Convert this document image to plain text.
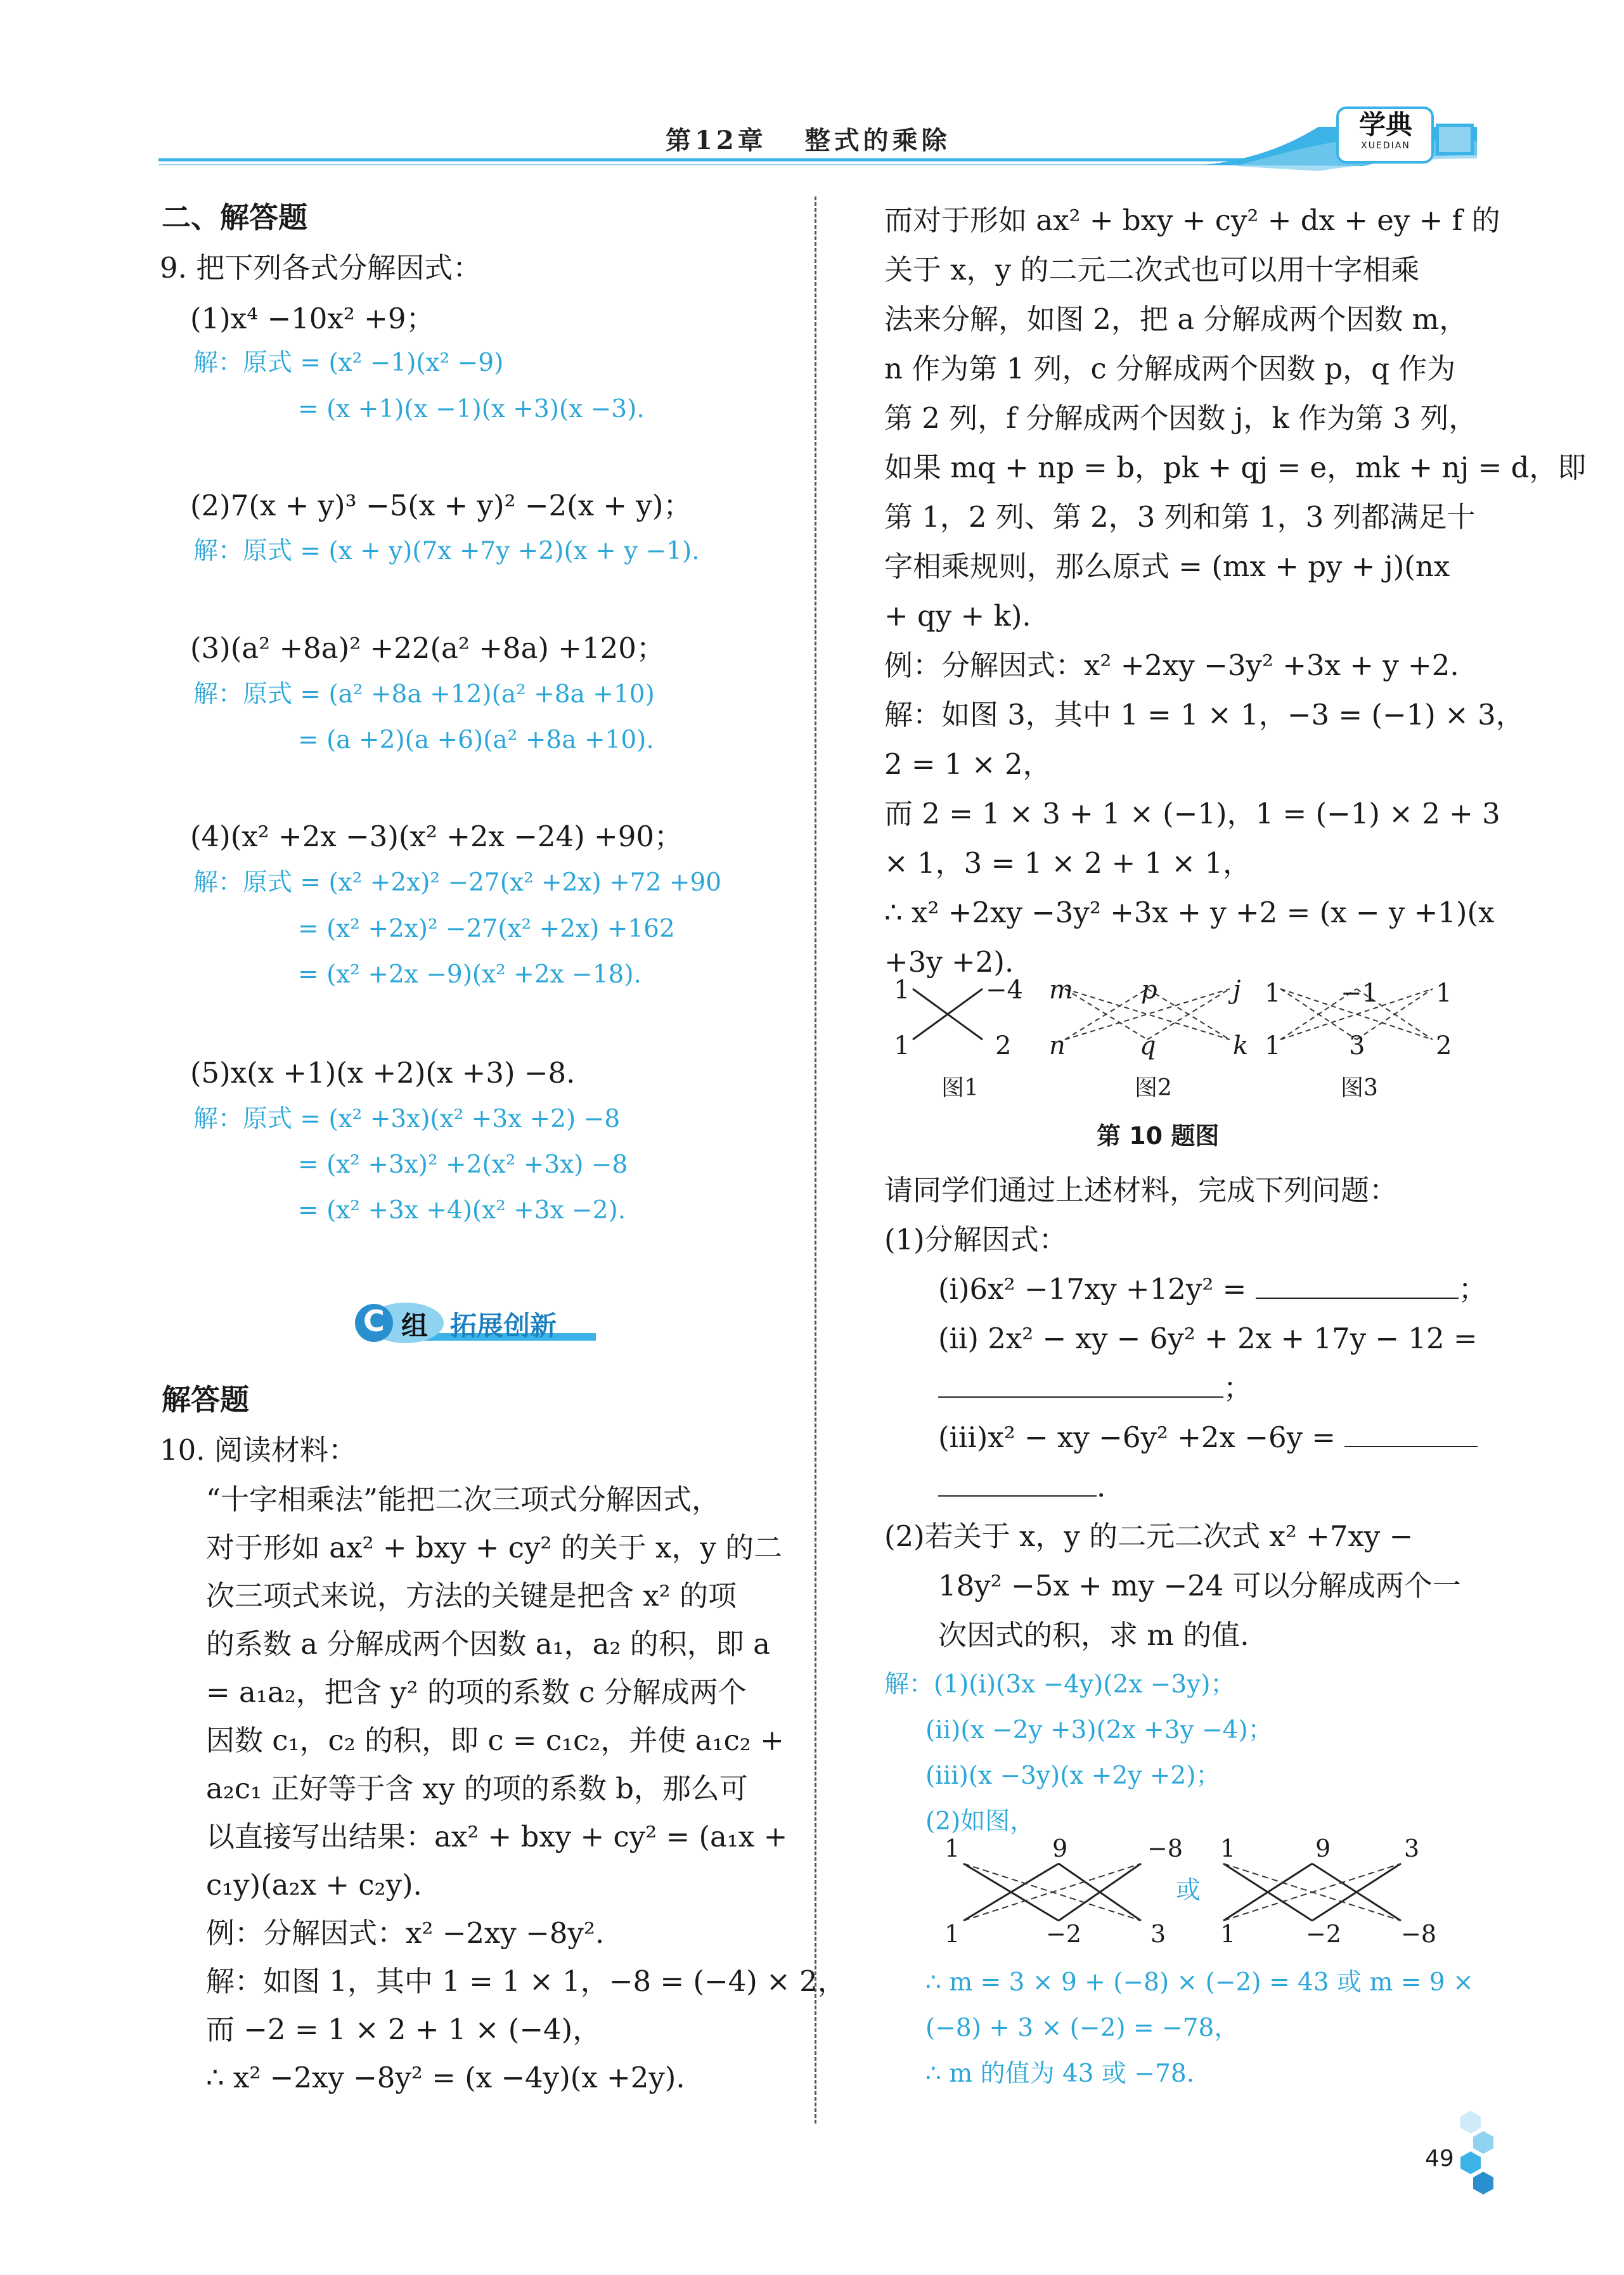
第12章 整式的乘除
学典
XUEDIAN
二、解答题
9. 把下列各式分解因式：
(1)x⁴ −10x² +9；
解：原式 = (x² −1)(x² −9)
= (x +1)(x −1)(x +3)(x −3).
(2)7(x + y)³ −5(x + y)² −2(x + y)；
解：原式 = (x + y)(7x +7y +2)(x + y −1).
(3)(a² +8a)² +22(a² +8a) +120；
解：原式 = (a² +8a +12)(a² +8a +10)
= (a +2)(a +6)(a² +8a +10).
(4)(x² +2x −3)(x² +2x −24) +90；
解：原式 = (x² +2x)² −27(x² +2x) +72 +90
= (x² +2x)² −27(x² +2x) +162
= (x² +2x −9)(x² +2x −18).
(5)x(x +1)(x +2)(x +3) −8.
解：原式 = (x² +3x)(x² +3x +2) −8
= (x² +3x)² +2(x² +3x) −8
= (x² +3x +4)(x² +3x −2).
C 组 拓展创新
解答题
10. 阅读材料：
“十字相乘法”能把二次三项式分解因式，
对于形如 ax² + bxy + cy² 的关于 x，y 的二
次三项式来说，方法的关键是把含 x² 的项
的系数 a 分解成两个因数 a₁，a₂ 的积，即 a
= a₁a₂，把含 y² 的项的系数 c 分解成两个
因数 c₁，c₂ 的积，即 c = c₁c₂，并使 a₁c₂ +
a₂c₁ 正好等于含 xy 的项的系数 b，那么可
以直接写出结果：ax² + bxy + cy² = (a₁x +
c₁y)(a₂x + c₂y).
例：分解因式：x² −2xy −8y².
解：如图 1，其中 1 = 1 × 1，−8 = (−4) × 2，
而 −2 = 1 × 2 + 1 × (−4)，
∴ x² −2xy −8y² = (x −4y)(x +2y).
而对于形如 ax² + bxy + cy² + dx + ey + f 的
关于 x，y 的二元二次式也可以用十字相乘
法来分解，如图 2，把 a 分解成两个因数 m，
n 作为第 1 列，c 分解成两个因数 p，q 作为
第 2 列，f 分解成两个因数 j，k 作为第 3 列，
如果 mq + np = b，pk + qj = e，mk + nj = d，即
第 1，2 列、第 2，3 列和第 1，3 列都满足十
字相乘规则，那么原式 = (mx + py + j)(nx
+ qy + k).
例：分解因式：x² +2xy −3y² +3x + y +2.
解：如图 3，其中 1 = 1 × 1，−3 = (−1) × 3，
2 = 1 × 2，
而 2 = 1 × 3 + 1 × (−1)，1 = (−1) × 2 + 3
× 1，3 = 1 × 2 + 1 × 1，
∴ x² +2xy −3y² +3x + y +2 = (x − y +1)(x
+3y +2).
1	−4
1	2
图1
m	p	j
n	q	k
图2
1 −1 1
1	3	2
图3
第 10 题图
请同学们通过上述材料，完成下列问题：
(1)分解因式：
(i)6x² −17xy +12y² =	；
(ii) 2x² − xy − 6y² + 2x + 17y − 12 =
；
(iii)x² − xy −6y² +2x −6y =
.
(2)若关于 x，y 的二元二次式 x² +7xy −
18y² −5x + my −24 可以分解成两个一
次因式的积，求 m 的值.
解：(1)(i)(3x −4y)(2x −3y)；
(ii)(x −2y +3)(2x +3y −4)；
(iii)(x −3y)(x +2y +2)；
(2)如图，
1	9	−8
1	−2	3
或
1	9	3
1	−2 −8
∴ m = 3 × 9 + (−8) × (−2) = 43 或 m = 9 ×
(−8) + 3 × (−2) = −78，
∴ m 的值为 43 或 −78.
49
